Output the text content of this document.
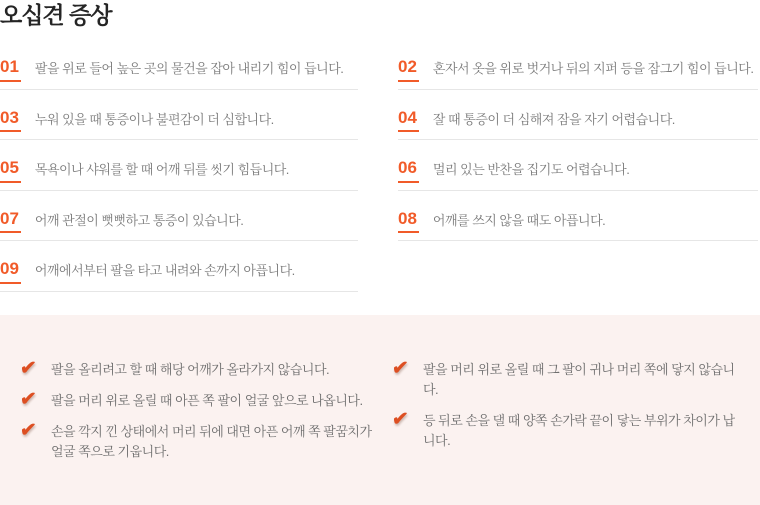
오십견 증상
01 팔을 위로 들어 높은 곳의 물건을 잡아 내리기 힘이 듭니다.	02 혼자서 옷을 위로 벗거나 뒤의 지퍼 등을 잠그기 힘이 듭니다.
03 누워 있을 때 통증이나 불편감이 더 심합니다.	04 잘 때 통증이 더 심해져 잠을 자기 어렵습니다.
05 목욕이나 샤워를 할 때 어깨 뒤를 씻기 힘듭니다.	06 멀리 있는 반찬을 집기도 어렵습니다.
07 어깨 관절이 뻣뻣하고 통증이 있습니다.	08 어깨를 쓰지 않을 때도 아픕니다.
09 어깨에서부터 팔을 타고 내려와 손까지 아픕니다.
✔	팔을 올리려고 할 때 해당 어깨가 올라가지 않습니다.
✔	팔을 머리 위로 올릴 때 아픈 쪽 팔이 얼굴 앞으로 나옵니다.
✔	손을 깍지 낀 상태에서 머리 뒤에 대면 아픈 어깨 쪽 팔꿈치가 얼굴 쪽으로 기웁니다.
✔	팔을 머리 위로 올릴 때 그 팔이 귀나 머리 쪽에 닿지 않습니다.
✔	등 뒤로 손을 댈 때 양쪽 손가락 끝이 닿는 부위가 차이가 납니다.
